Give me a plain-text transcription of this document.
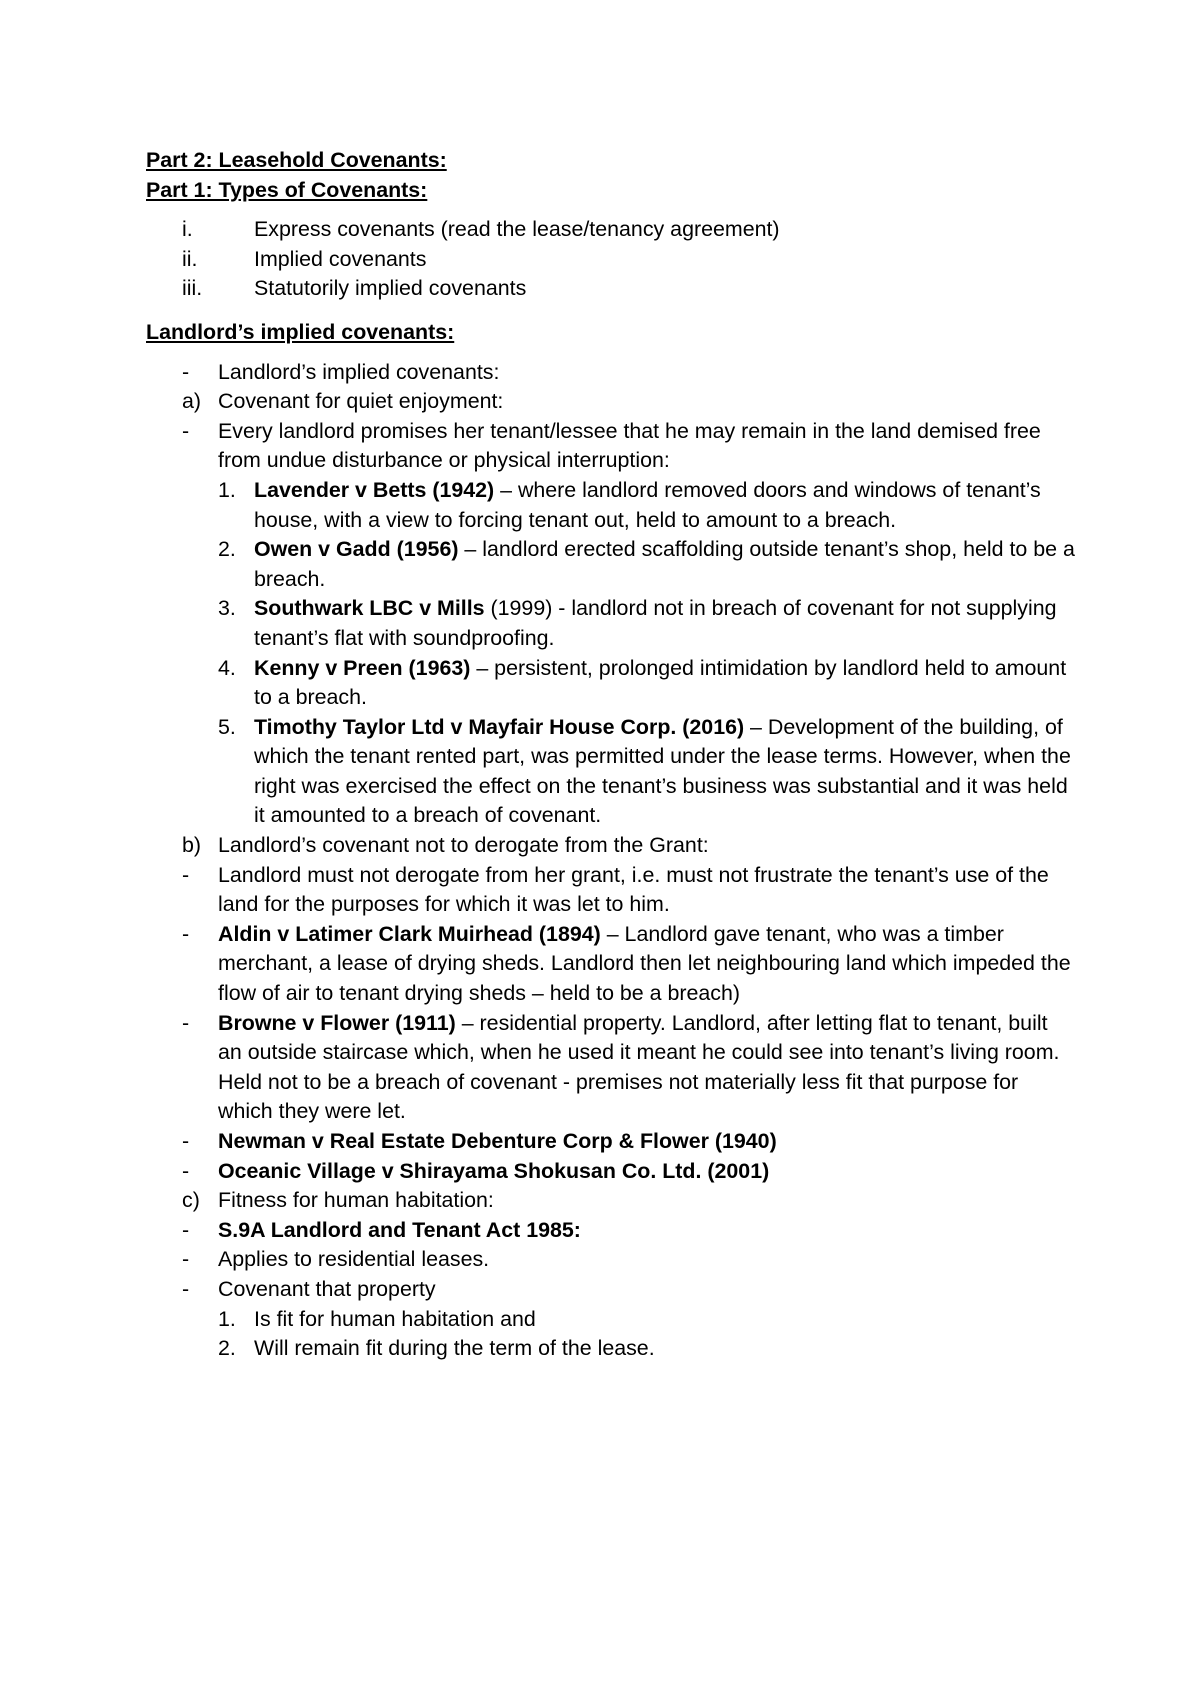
Part 2: Leasehold Covenants:

Part 1: Types of Covenants:

i.	Express covenants (read the lease/tenancy agreement)
ii.	Implied covenants
iii. Statutorily implied covenants

Landlord’s implied covenants:

- Landlord’s implied covenants:
a) Covenant for quiet enjoyment:
- Every landlord promises her tenant/lessee that he may remain in the land demised free from undue disturbance or physical interruption:
1. Lavender v Betts (1942) – where landlord removed doors and windows of tenant’s house, with a view to forcing tenant out, held to amount to a breach.
2. Owen v Gadd (1956) – landlord erected scaffolding outside tenant’s shop, held to be a breach.
3. Southwark LBC v Mills (1999) - landlord not in breach of covenant for not supplying tenant’s flat with soundproofing.
4. Kenny v Preen (1963) – persistent, prolonged intimidation by landlord held to amount to a breach.
5. Timothy Taylor Ltd v Mayfair House Corp. (2016) – Development of the building, of which the tenant rented part, was permitted under the lease terms. However, when the right was exercised the effect on the tenant’s business was substantial and it was held it amounted to a breach of covenant.
b) Landlord’s covenant not to derogate from the Grant:
- Landlord must not derogate from her grant, i.e. must not frustrate the tenant’s use of the land for the purposes for which it was let to him.
- Aldin v Latimer Clark Muirhead (1894) – Landlord gave tenant, who was a timber merchant, a lease of drying sheds. Landlord then let neighbouring land which impeded the flow of air to tenant drying sheds – held to be a breach)
- Browne v Flower (1911) – residential property. Landlord, after letting flat to tenant, built an outside staircase which, when he used it meant he could see into tenant’s living room. Held not to be a breach of covenant - premises not materially less fit that purpose for which they were let.
- Newman v Real Estate Debenture Corp & Flower (1940)
- Oceanic Village v Shirayama Shokusan Co. Ltd. (2001)
c) Fitness for human habitation:
- S.9A Landlord and Tenant Act 1985:
- Applies to residential leases.
- Covenant that property
1. Is fit for human habitation and
2. Will remain fit during the term of the lease.
